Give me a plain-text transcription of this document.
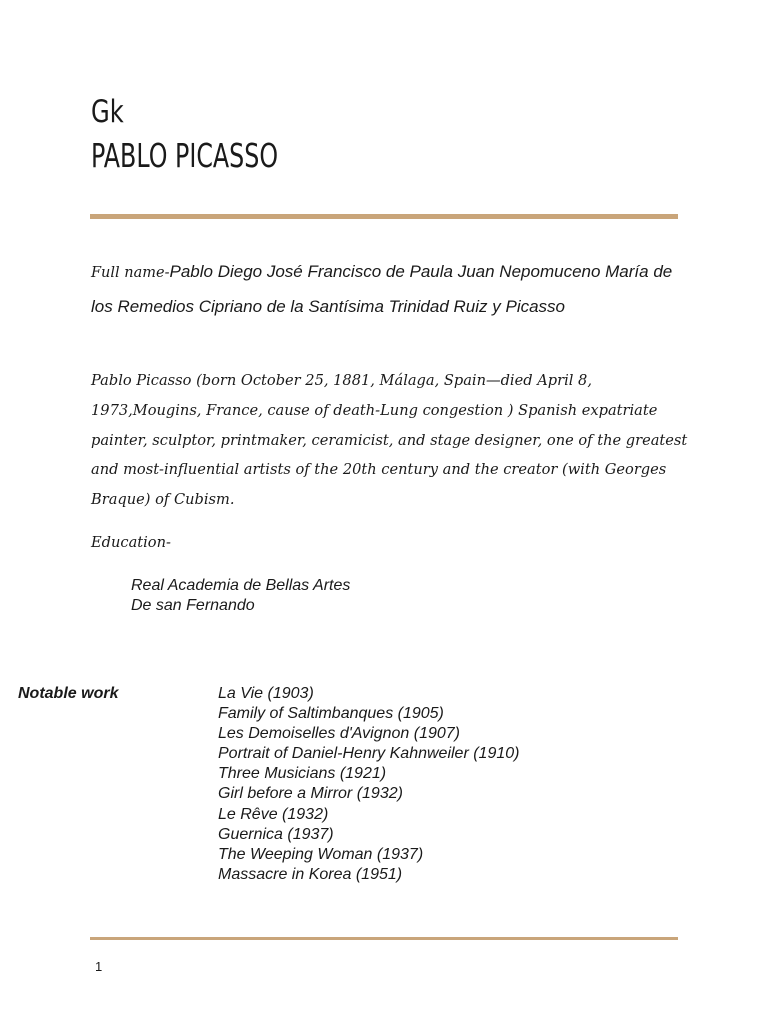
Gk
PABLO PICASSO
Full name-Pablo Diego José Francisco de Paula Juan Nepomuceno María de los Remedios Cipriano de la Santísima Trinidad Ruiz y Picasso

Pablo Picasso (born October 25, 1881, Málaga, Spain—died April 8, 1973,Mougins, France, cause of death-Lung congestion ) Spanish expatriate painter, sculptor, printmaker, ceramicist, and stage designer, one of the greatest and most-influential artists of the 20th century and the creator (with Georges Braque) of Cubism.

Education-
Real Academia de Bellas Artes
De san Fernando
Notable work	La Vie (1903)
Family of Saltimbanques (1905)
Les Demoiselles d'Avignon (1907)
Portrait of Daniel-Henry Kahnweiler (1910)
Three Musicians (1921)
Girl before a Mirror (1932)
Le Rêve (1932)
Guernica (1937)
The Weeping Woman (1937)
Massacre in Korea (1951)
1
